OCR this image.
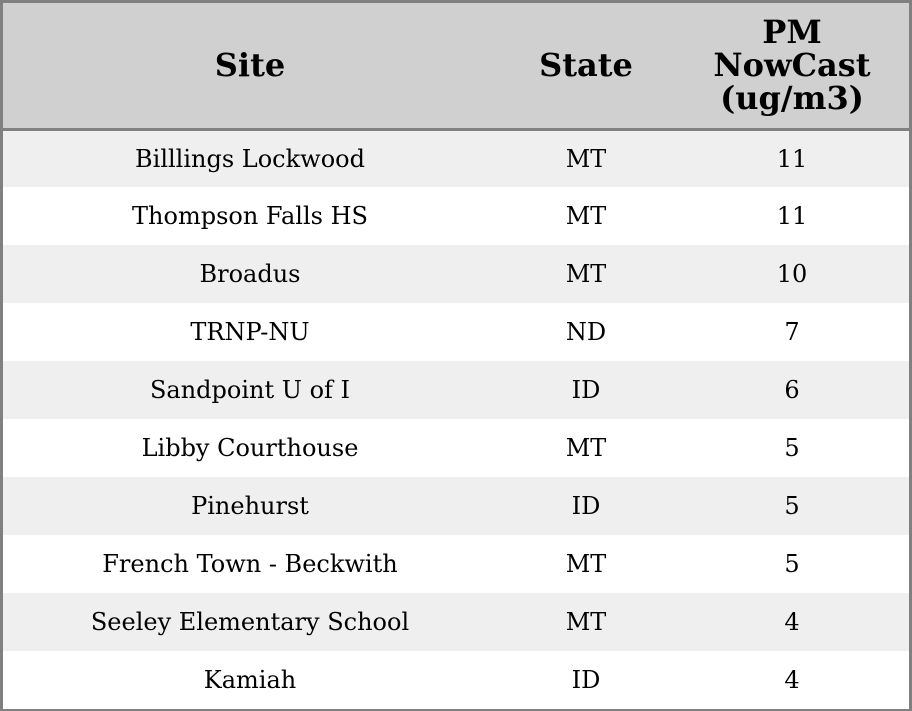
Site	State	PM
NowCast
(ug/m3)

Billlings Lockwood	MT	11
Thompson Falls HS	MT	11
Broadus	MT	10
TRNP-NU	ND	7
Sandpoint U of I	ID	6
Libby Courthouse	MT	5
Pinehurst	ID	5
French Town - Beckwith	MT	5
Seeley Elementary School	MT	4
Kamiah	ID	4
